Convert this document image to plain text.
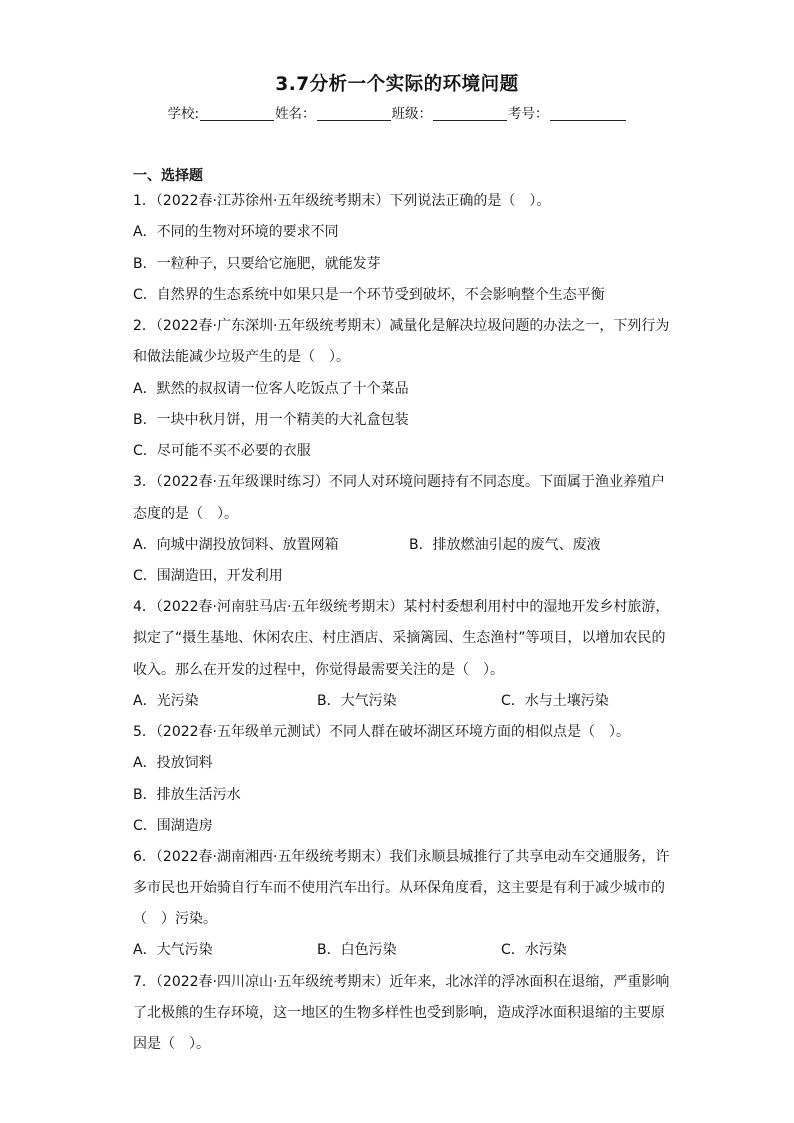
3.7分析一个实际的环境问题
学校:	姓名：	班级：	考号：
一、选择题
1．（2022春·江苏徐州·五年级统考期末）下列说法正确的是（　）。
A．不同的生物对环境的要求不同
B．一粒种子，只要给它施肥，就能发芽
C．自然界的生态系统中如果只是一个环节受到破坏，不会影响整个生态平衡
2．（2022春·广东深圳·五年级统考期末）减量化是解决垃圾问题的办法之一，下列行为
和做法能减少垃圾产生的是（　）。
A．默然的叔叔请一位客人吃饭点了十个菜品
B．一块中秋月饼，用一个精美的大礼盒包装
C．尽可能不买不必要的衣服
3．（2022春·五年级课时练习）不同人对环境问题持有不同态度。下面属于渔业养殖户
态度的是（　）。
A．向城中湖投放饲料、放置网箱	B．排放燃油引起的废气、废液
C．围湖造田，开发利用
4．（2022春·河南驻马店·五年级统考期末）某村村委想利用村中的湿地开发乡村旅游，
拟定了“摄生基地、休闲农庄、村庄酒店、采摘篱园、生态渔村”等项目，以增加农民的
收入。那么在开发的过程中，你觉得最需要关注的是（　）。
A．光污染	B．大气污染	C．水与土壤污染
5．（2022春·五年级单元测试）不同人群在破坏湖区环境方面的相似点是（　）。
A．投放饲料
B．排放生活污水
C．围湖造房
6．（2022春·湖南湘西·五年级统考期末）我们永顺县城推行了共享电动车交通服务，许
多市民也开始骑自行车而不使用汽车出行。从环保角度看，这主要是有利于减少城市的
（　）污染。
A．大气污染	B．白色污染	C．水污染
7．（2022春·四川凉山·五年级统考期末）近年来，北冰洋的浮冰面积在退缩，严重影响
了北极熊的生存环境，这一地区的生物多样性也受到影响，造成浮冰面积退缩的主要原
因是（　）。
